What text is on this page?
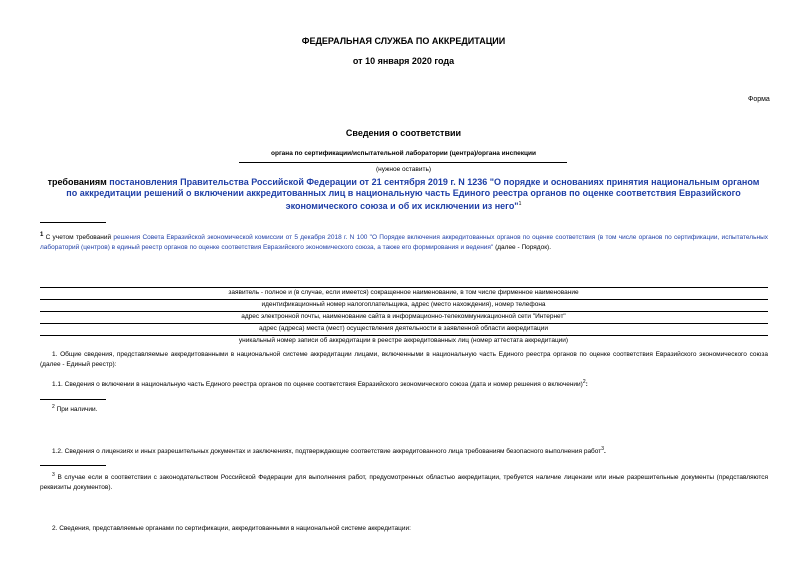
ФЕДЕРАЛЬНАЯ СЛУЖБА ПО АККРЕДИТАЦИИ
от 10 января 2020 года
Форма
Сведения о соответствии
органа по сертификации/испытательной лаборатории (центра)/органа инспекции
(нужное оставить)
требованиям постановления Правительства Российской Федерации от 21 сентября 2019 г. N 1236 "О порядке и основаниях принятия национальным органом по аккредитации решений о включении аккредитованных лиц в национальную часть Единого реестра органов по оценке соответствия Евразийского экономического союза и об их исключении из него"$^1$
$^1$ С учетом требований решения Совета Евразийской экономической комиссии от 5 декабря 2018 г. N 100 "О Порядке включения аккредитованных органов по оценке соответствия (в том числе органов по сертификации, испытательных лабораторий (центров) в единый реестр органов по оценке соответствия Евразийского экономического союза, а также его формирования и ведения" (далее - Порядок).
заявитель - полное и (в случае, если имеется) сокращенное наименование, в том числе фирменное наименование
идентификационный номер налогоплательщика, адрес (место нахождения), номер телефона
адрес электронной почты, наименование сайта в информационно-телекоммуникационной сети "Интернет"
адрес (адреса) места (мест) осуществления деятельности в заявленной области аккредитации
уникальный номер записи об аккредитации в реестре аккредитованных лиц (номер аттестата аккредитации)
1. Общие сведения, представляемые аккредитованными в национальной системе аккредитации лицами, включенными в национальную часть Единого реестра органов по оценке соответствия Евразийского экономического союза (далее - Единый реестр):
1.1. Сведения о включении в национальную часть Единого реестра органов по оценке соответствия Евразийского экономического союза (дата и номер решения о включении)$^2$:
$^2$ При наличии.
1.2. Сведения о лицензиях и иных разрешительных документах и заключениях, подтверждающие соответствие аккредитованного лица требованиям безопасного выполнения работ$^3$.
$^3$ В случае если в соответствии с законодательством Российской Федерации для выполнения работ, предусмотренных областью аккредитации, требуется наличие лицензии или иные разрешительные документы (представляются реквизиты документов).
2. Сведения, представляемые органами по сертификации, аккредитованными в национальной системе аккредитации:
